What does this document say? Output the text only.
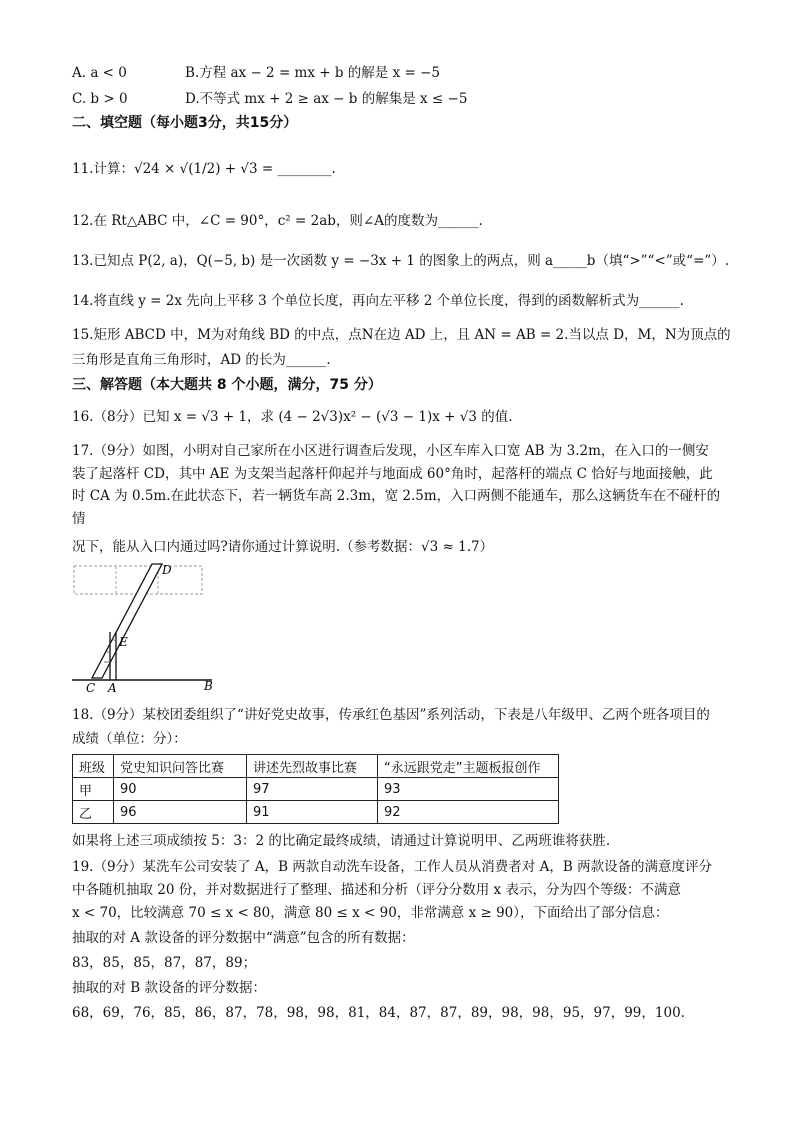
A. a < 0	B.方程 ax − 2 = mx + b 的解是 x = −5
C. b > 0	D.不等式 mx + 2 ≥ ax − b 的解集是 x ≤ −5
二、填空题（每小题3分，共15分）
11.计算：√24 × √(1/2) + √3 = ________.
12.在 Rt△ABC 中，∠C = 90°，c² = 2ab，则∠A的度数为______.
13.已知点 P(2, a)，Q(−5, b) 是一次函数 y = −3x + 1 的图象上的两点，则 a_____b（填“>”“<”或“=”）.
14.将直线 y = 2x 先向上平移 3 个单位长度，再向左平移 2 个单位长度，得到的函数解析式为______.
15.矩形 ABCD 中，M为对角线 BD 的中点，点N在边 AD 上，且 AN = AB = 2.当以点 D，M，N为顶点的
三角形是直角三角形时，AD 的长为______.
三、解答题（本大题共 8 个小题，满分，75 分）
16.（8分）已知 x = √3 + 1，求 (4 − 2√3)x² − (√3 − 1)x + √3 的值.
17.（9分）如图，小明对自己家所在小区进行调查后发现，小区车库入口宽 AB 为 3.2m，在入口的一侧安
装了起落杆 CD，其中 AE 为支架当起落杆仰起并与地面成 60°角时，起落杆的端点 C 恰好与地面接触，此
时 CA 为 0.5m.在此状态下，若一辆货车高 2.3m，宽 2.5m，入口两侧不能通车，那么这辆货车在不碰杆的情
况下，能从入口内通过吗?请你通过计算说明.（参考数据：√3 ≈ 1.7）
D
E
C A	B
18.（9分）某校团委组织了“讲好党史故事，传承红色基因”系列活动，下表是八年级甲、乙两个班各项目的
成绩（单位：分）：
班级	党史知识问答比赛	讲述先烈故事比赛	“永远跟党走”主题板报创作
甲	90	97	93
乙	96	91	92
如果将上述三项成绩按 5：3：2 的比确定最终成绩，请通过计算说明甲、乙两班谁将获胜.
19.（9分）某洗车公司安装了 A，B 两款自动洗车设备，工作人员从消费者对 A，B 两款设备的满意度评分
中各随机抽取 20 份，并对数据进行了整理、描述和分析（评分分数用 x 表示，分为四个等级：不满意
x < 70，比较满意 70 ≤ x < 80，满意 80 ≤ x < 90，非常满意 x ≥ 90），下面给出了部分信息：
抽取的对 A 款设备的评分数据中“满意”包含的所有数据：
83，85，85，87，87，89；
抽取的对 B 款设备的评分数据：
68，69，76，85，86，87，78，98，98，81，84，87，87，89，98，98，95，97，99，100.
